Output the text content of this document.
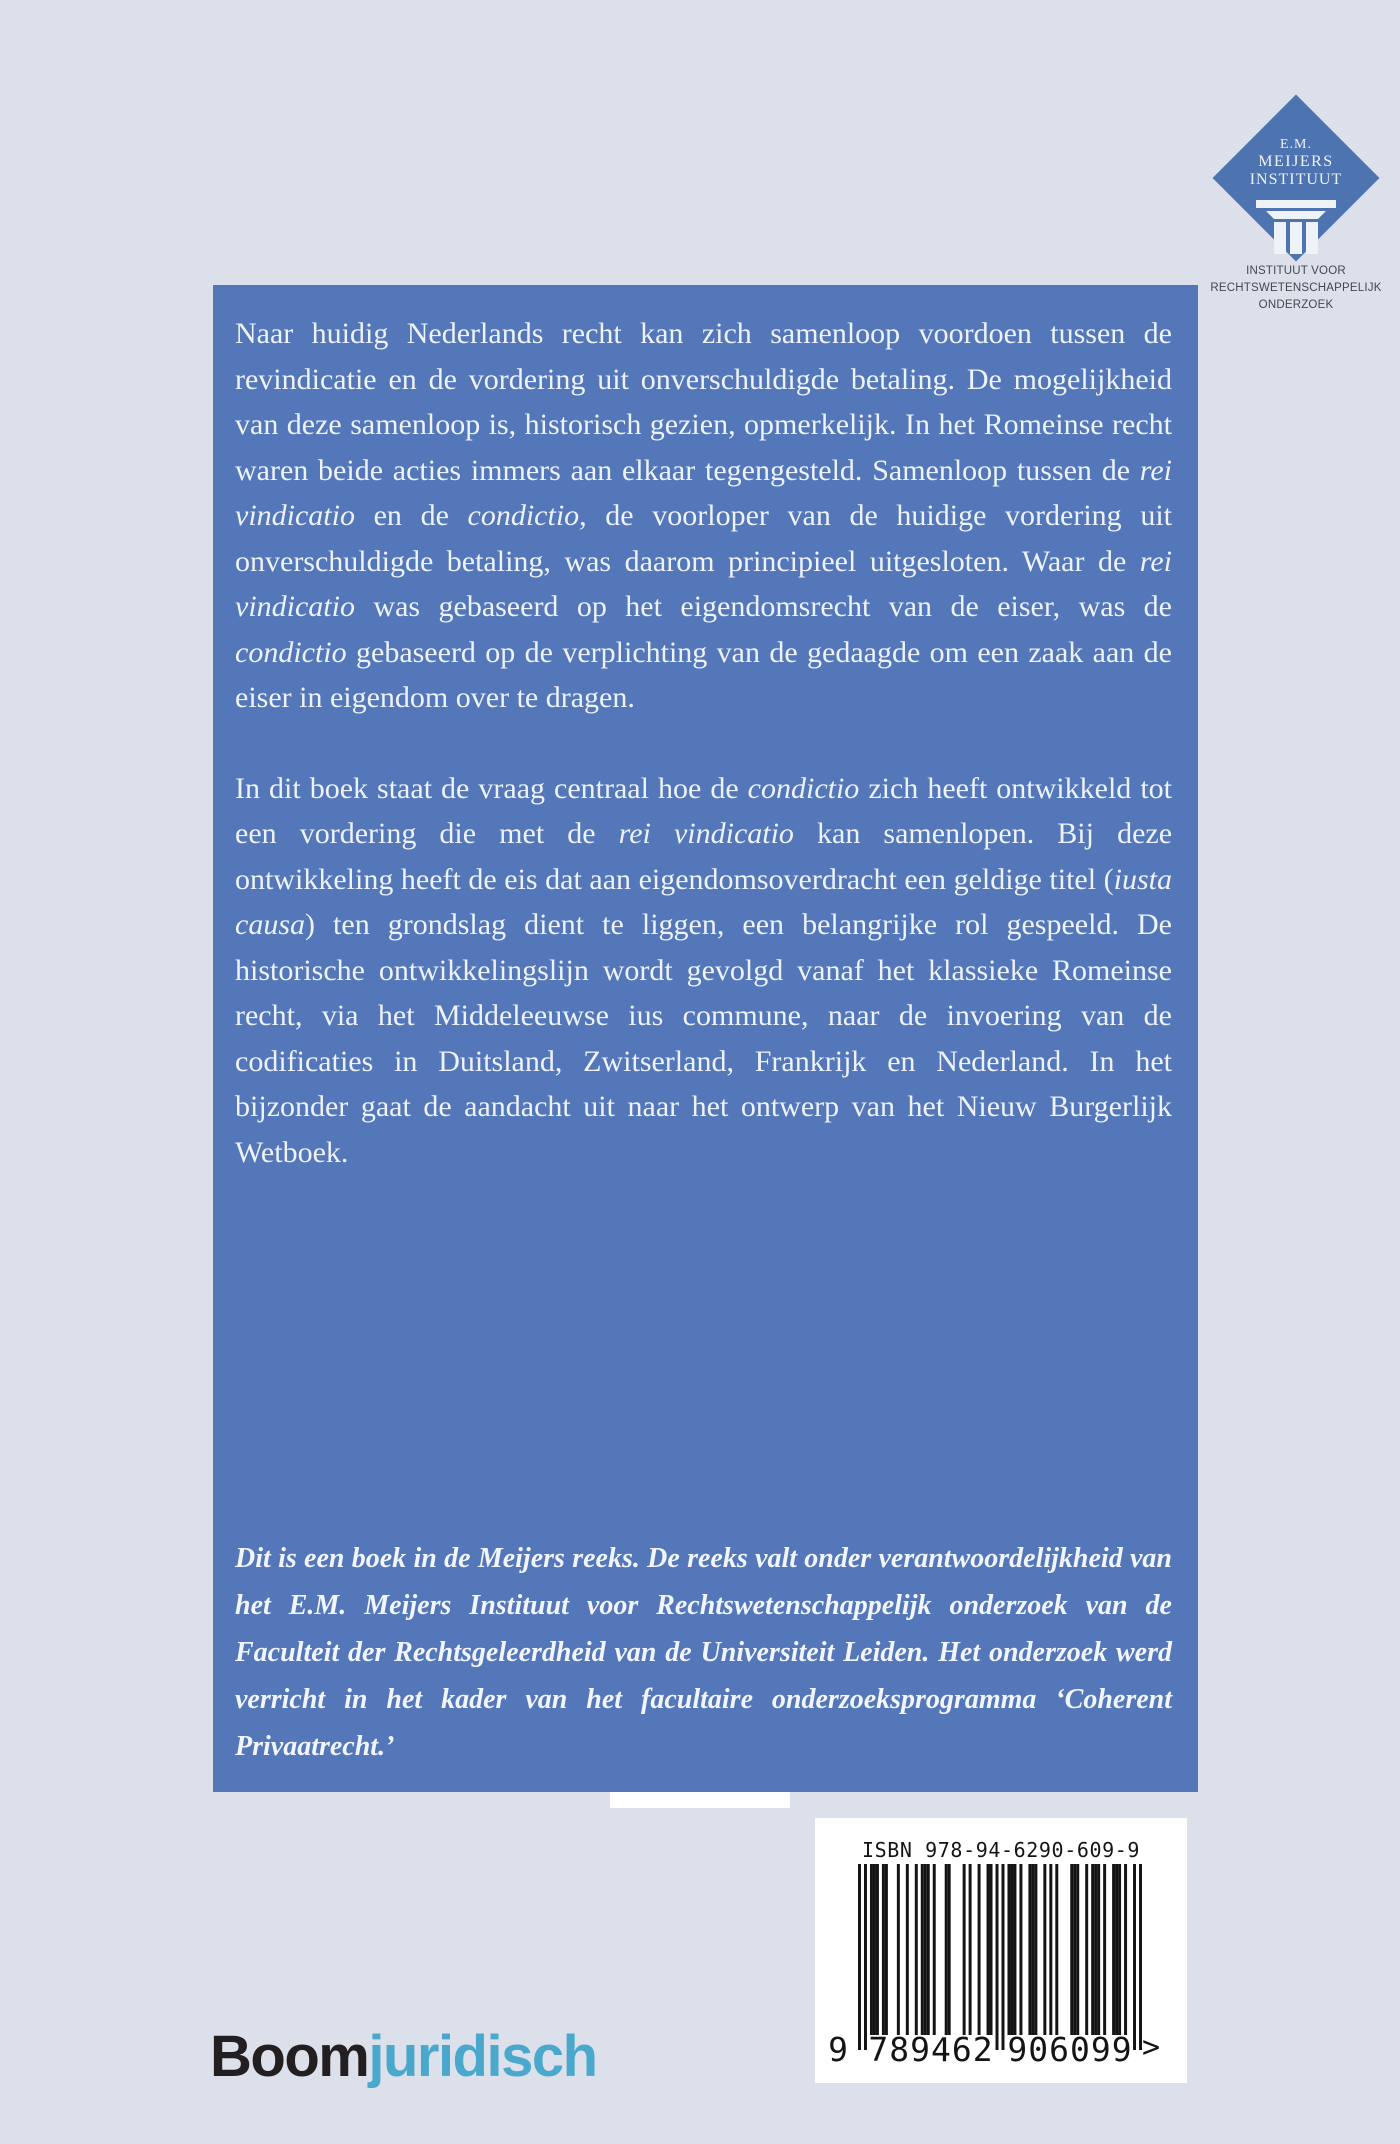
E.M.
MEIJERS
INSTITUUT
INSTITUUT VOOR
RECHTSWETENSCHAPPELIJK
ONDERZOEK

Naar huidig Nederlands recht kan zich samenloop voordoen tussen de revindicatie en de vordering uit onverschuldigde betaling. De mogelijkheid van deze samenloop is, historisch gezien, opmerkelijk. In het Romeinse recht waren beide acties immers aan elkaar tegengesteld. Samenloop tussen de rei vindicatio en de condictio, de voorloper van de huidige vordering uit onverschuldigde betaling, was daarom principieel uitgesloten. Waar de rei vindicatio was gebaseerd op het eigendomsrecht van de eiser, was de condictio gebaseerd op de verplichting van de gedaagde om een zaak aan de eiser in eigendom over te dragen.

In dit boek staat de vraag centraal hoe de condictio zich heeft ontwikkeld tot een vordering die met de rei vindicatio kan samenlopen. Bij deze ontwikkeling heeft de eis dat aan eigendomsoverdracht een geldige titel (iusta causa) ten grondslag dient te liggen, een belangrijke rol gespeeld. De historische ontwikkelingslijn wordt gevolgd vanaf het klassieke Romeinse recht, via het Middeleeuwse ius commune, naar de invoering van de codificaties in Duitsland, Zwitserland, Frankrijk en Nederland. In het bijzonder gaat de aandacht uit naar het ontwerp van het Nieuw Burgerlijk Wetboek.

Dit is een boek in de Meijers reeks. De reeks valt onder verantwoordelijkheid van het E.M. Meijers Instituut voor Rechtswetenschappelijk onderzoek van de Faculteit der Rechtsgeleerdheid van de Universiteit Leiden. Het onderzoek werd verricht in het kader van het facultaire onderzoeksprogramma ‘Coherent Privaatrecht.’

ISBN 978-94-6290-609-9
9 789462 906099 >
Boomjuridisch
